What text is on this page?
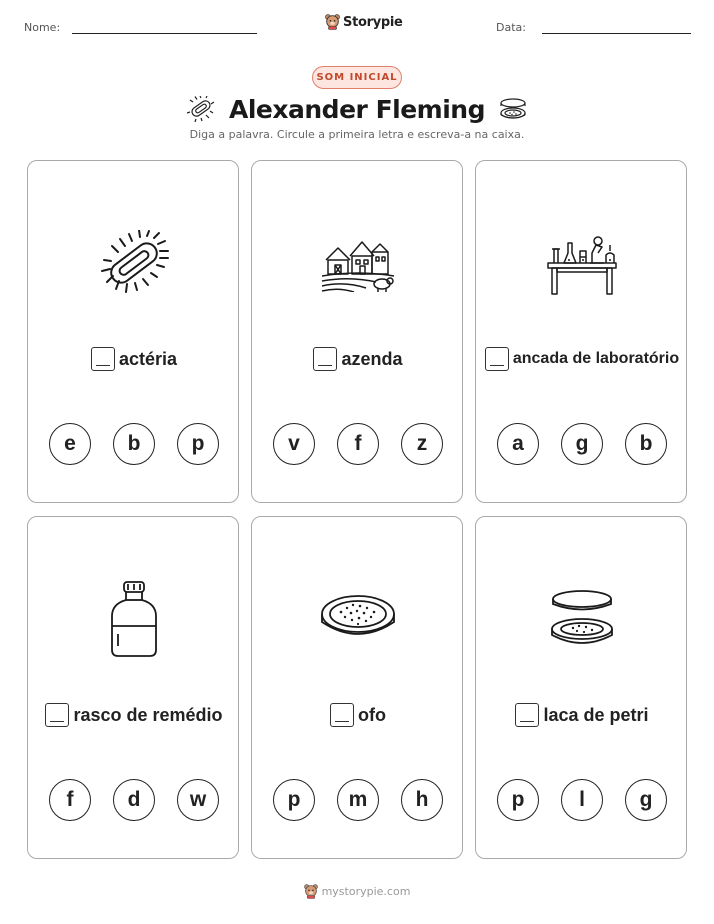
Nome:	Storypie	Data:
SOM INICIAL
Alexander Fleming
Diga a palavra. Circule a primeira letra e escreva-a na caixa.
actéria
e	b	p
azenda
v	f	z
ancada de laboratório
a	g	b
rasco de remédio
f	d	w
ofo
p	m	h
laca de petri
p	l	g
mystorypie.com
